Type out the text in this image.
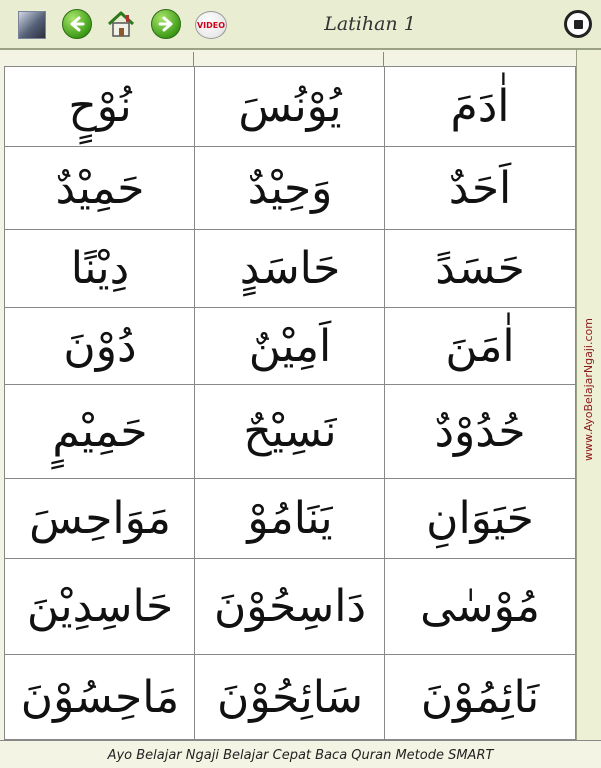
VIDEO	Latihan 1
اٰدَمَ
يُوْنُسَ
نُوْحٍ
اَحَدٌ
وَحِيْدٌ
حَمِيْدٌ
حَسَدً
حَاسَدٍ
دِيْنًا
اٰمَنَ
اَمِيْنٌ
دُوْنَ
حُدُوْدٌ
نَسِيْحٌ
حَمِيْمٍ
حَيَوَانِ
يَنَامُوْ
مَوَاحِسَ
مُوْسٰى
دَاسِحُوْنَ
حَاسِدِيْنَ
نَائِمُوْنَ
سَائِحُوْنَ
مَاحِسُوْنَ
www.AyoBelajarNgaji.com
Ayo Belajar Ngaji Belajar Cepat Baca Quran Metode SMART
